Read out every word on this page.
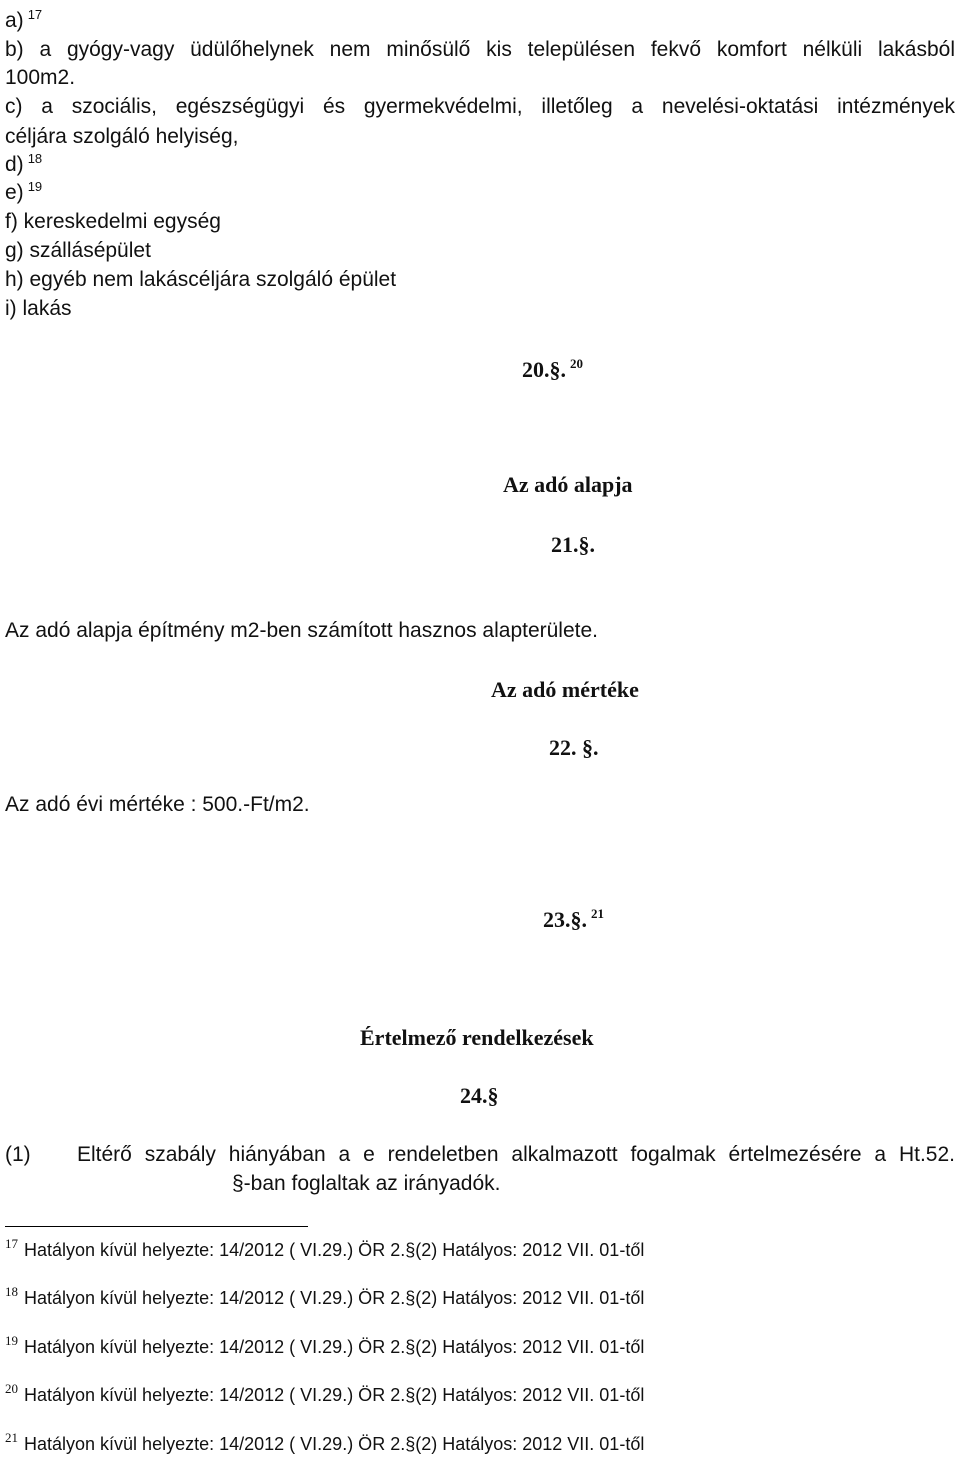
a) $^{17}$
b) a gyógy-vagy üdülőhelynek nem minősülő kis településen fekvő komfort nélküli lakásból
100m2.
c) a szociális, egészségügyi és gyermekvédelmi, illetőleg a nevelési-oktatási intézmények
céljára szolgáló helyiség,
d) $^{18}$
e) $^{19}$
f) kereskedelmi egység
g) szállásépület
h) egyéb nem lakáscéljára szolgáló épület
i) lakás
20.§. $^{20}$
Az adó alapja
21.§.
Az adó alapja építmény m2-ben számított hasznos alapterülete.
Az adó mértéke
22. §.
Az adó évi mértéke : 500.-Ft/m2.
23.§. $^{21}$
Értelmező rendelkezések
24.§
(1) Eltérő szabály hiányában a e rendeletben alkalmazott fogalmak értelmezésére a Ht.52.
§-ban foglaltak az irányadók.
$^{17}$ Hatályon kívül helyezte: 14/2012 ( VI.29.) ÖR 2.§(2) Hatályos: 2012 VII. 01-től
$^{18}$ Hatályon kívül helyezte: 14/2012 ( VI.29.) ÖR 2.§(2) Hatályos: 2012 VII. 01-től
$^{19}$ Hatályon kívül helyezte: 14/2012 ( VI.29.) ÖR 2.§(2) Hatályos: 2012 VII. 01-től
$^{20}$ Hatályon kívül helyezte: 14/2012 ( VI.29.) ÖR 2.§(2) Hatályos: 2012 VII. 01-től
$^{21}$ Hatályon kívül helyezte: 14/2012 ( VI.29.) ÖR 2.§(2) Hatályos: 2012 VII. 01-től
